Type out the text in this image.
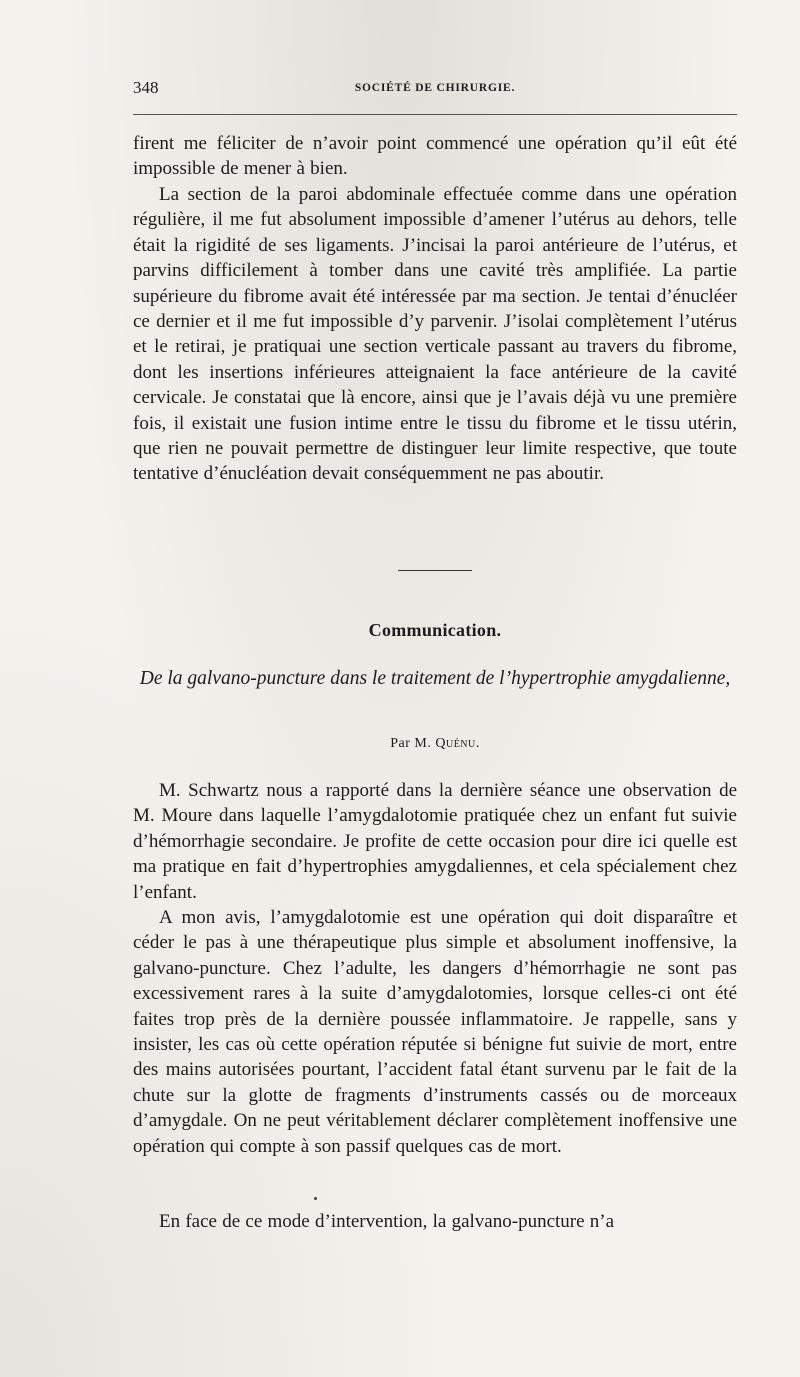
348	SOCIÉTÉ DE CHIRURGIE.

firent me féliciter de n’avoir point commencé une opération qu’il eût été impossible de mener à bien.

La section de la paroi abdominale effectuée comme dans une opération régulière, il me fut absolument impossible d’amener l’utérus au dehors, telle était la rigidité de ses ligaments. J’incisai la paroi antérieure de l’utérus, et parvins difficilement à tomber dans une cavité très amplifiée. La partie supérieure du fibrome avait été intéressée par ma section. Je tentai d’énucléer ce dernier et il me fut impossible d’y parvenir. J’isolai complètement l’utérus et le retirai, je pratiquai une section verticale passant au travers du fibrome, dont les insertions inférieures atteignaient la face antérieure de la cavité cervicale. Je constatai que là encore, ainsi que je l’avais déjà vu une première fois, il existait une fusion intime entre le tissu du fibrome et le tissu utérin, que rien ne pouvait permettre de distinguer leur limite respective, que toute tentative d’énucléation devait conséquemment ne pas aboutir.

Communication.
De la galvano-puncture dans le traitement de l’hypertrophie amygdalienne,
Par M. Quénu.

M. Schwartz nous a rapporté dans la dernière séance une observation de M. Moure dans laquelle l’amygdalotomie pratiquée chez un enfant fut suivie d’hémorrhagie secondaire. Je profite de cette occasion pour dire ici quelle est ma pratique en fait d’hypertrophies amygdaliennes, et cela spécialement chez l’enfant.

A mon avis, l’amygdalotomie est une opération qui doit disparaître et céder le pas à une thérapeutique plus simple et absolument inoffensive, la galvano-puncture. Chez l’adulte, les dangers d’hémorrhagie ne sont pas excessivement rares à la suite d’amygdalotomies, lorsque celles-ci ont été faites trop près de la dernière poussée inflammatoire. Je rappelle, sans y insister, les cas où cette opération réputée si bénigne fut suivie de mort, entre des mains autorisées pourtant, l’accident fatal étant survenu par le fait de la chute sur la glotte de fragments d’instruments cassés ou de morceaux d’amygdale. On ne peut véritablement déclarer complètement inoffensive une opération qui compte à son passif quelques cas de mort.

En face de ce mode d’intervention, la galvano-puncture n’a
